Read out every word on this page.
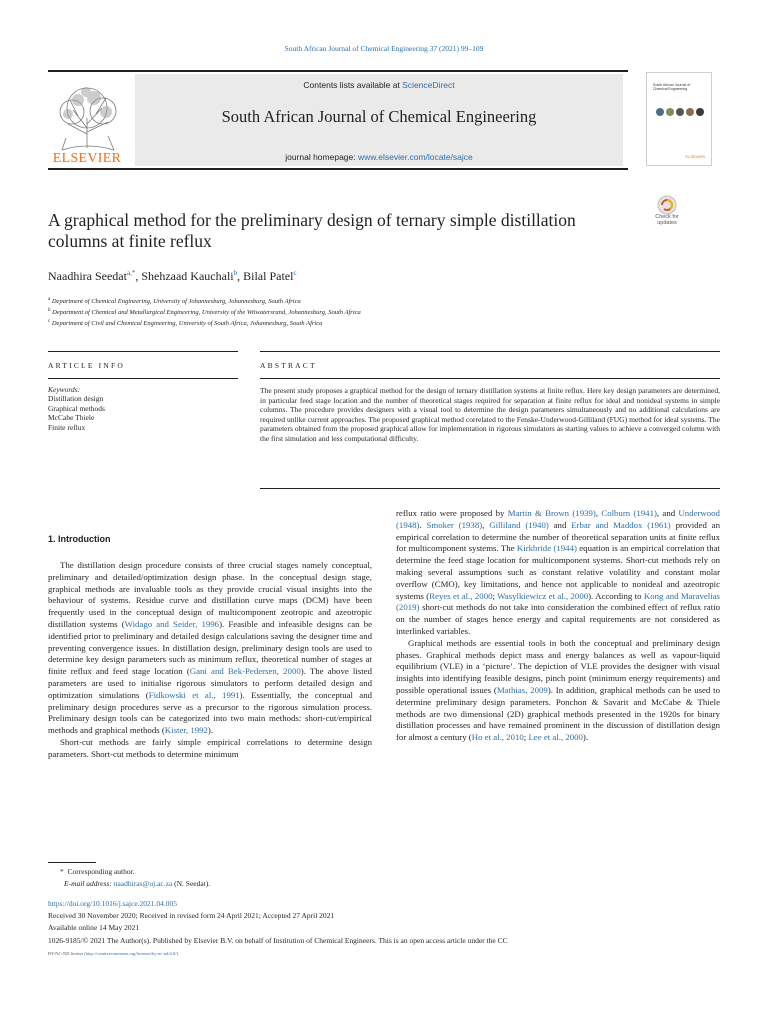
South African Journal of Chemical Engineering 37 (2021) 99–109
ELSEVIER
Contents lists available at ScienceDirect
South African Journal of Chemical Engineering
journal homepage: www.elsevier.com/locate/sajce
South African Journal of Chemical Engineering
ELSEVIER
A graphical method for the preliminary design of ternary simple distillation columns at finite reflux
Check for
updates
Naadhira Seedat$^{a,*}$, Shehzaad Kauchali$^b$, Bilal Patel$^c$
$^a$ Department of Chemical Engineering, University of Johannesburg, Johannesburg, South Africa
$^b$ Department of Chemical and Metallurgical Engineering, University of the Witwatersrand, Johannesburg, South Africa
$^c$ Department of Civil and Chemical Engineering, University of South Africa, Johannesburg, South Africa
ARTICLE INFO	ABSTRACT
Keywords:
Distillation design
Graphical methods
McCabe Thiele
Finite reflux
The present study proposes a graphical method for the design of ternary distillation systems at finite reflux. Here key design parameters are determined, in particular feed stage location and the number of theoretical stages required for separation at finite reflux for ideal and nonideal systems in simple columns. The procedure provides designers with a visual tool to determine the design parameters simultaneously and no additional calculations are required unlike current approaches. The proposed graphical method correlated to the Fenske-Underwood-Gilliland (FUG) method for ideal systems. The parameters obtained from the proposed graphical allow for implementation in rigorous simulators as starting values to achieve a converged column with the first simulation and less computational difficulty.
1. Introduction

The distillation design procedure consists of three crucial stages namely conceptual, preliminary and detailed/optimization design phase. In the conceptual design stage, graphical methods are invaluable tools as they provide crucial visual insights into the behaviour of systems. Residue curve and distillation curve maps (DCM) have been frequently used in the conceptual design of multicomponent zeotropic and azeotropic distillation systems (Widago and Seider, 1996). Feasible and infeasible designs can be identified prior to preliminary and detailed design calculations saving the designer time and preventing convergence issues. In distillation design, preliminary design tools are used to determine key design parameters such as minimum reflux, theoretical number of stages at finite reflux and feed stage location (Gani and Bek-Pedersen, 2000). The above listed parameters are used to initialise rigorous simulators to perform detailed design and optimization simulations (Fidkowski et al., 1991). Essentially, the conceptual and preliminary design procedures serve as a precursor to the rigorous simulation process. Preliminary design tools can be categorized into two main methods: short-cut/empirical methods and graphical methods (Kister, 1992).

Short-cut methods are fairly simple empirical correlations to determine design parameters. Short-cut methods to determine minimum

reflux ratio were proposed by Martin & Brown (1939), Colburn (1941), and Underwood (1948). Smoker (1938), Gilliland (1940) and Erbar and Maddox (1961) provided an empirical correlation to determine the number of theoretical separation units at finite reflux for multicomponent systems. The Kirkbride (1944) equation is an empirical correlation that determine the feed stage location for multicomponent systems. Short-cut methods rely on making several assumptions such as constant relative volatility and constant molar overflow (CMO), key limitations, and hence not applicable to nonideal and azeotropic systems (Reyes et al., 2000; Wasylkiewicz et al., 2000). According to Kong and Maravelias (2019) short-cut methods do not take into consideration the combined effect of reflux ratio on the number of stages hence energy and capital requirements are not considered as interlinked variables.

Graphical methods are essential tools in both the conceptual and preliminary design phases. Graphical methods depict mass and energy balances as well as vapour-liquid equilibrium (VLE) in a ‘picture’. The depiction of VLE provides the designer with visual insights into identifying feasible designs, pinch point (minimum energy requirements) and possible operational issues (Mathias, 2009). In addition, graphical methods can be used to determine preliminary design parameters. Ponchon & Savarit and McCabe & Thiele methods are two dimensional (2D) graphical methods presented in the 1920s for binary distillation processes and have remained prominent in the discussion of distillation design for almost a century (Ho et al., 2010; Lee et al., 2000).

* Corresponding author.
E-mail address: naadhiras@uj.ac.za (N. Seedat).
https://doi.org/10.1016/j.sajce.2021.04.005
Received 30 November 2020; Received in revised form 24 April 2021; Accepted 27 April 2021
Available online 14 May 2021
1026-9185/© 2021 The Author(s). Published by Elsevier B.V. on behalf of Institution of Chemical Engineers. This is an open access article under the CC
BY-NC-ND license (http://creativecommons.org/licenses/by-nc-nd/4.0/).
